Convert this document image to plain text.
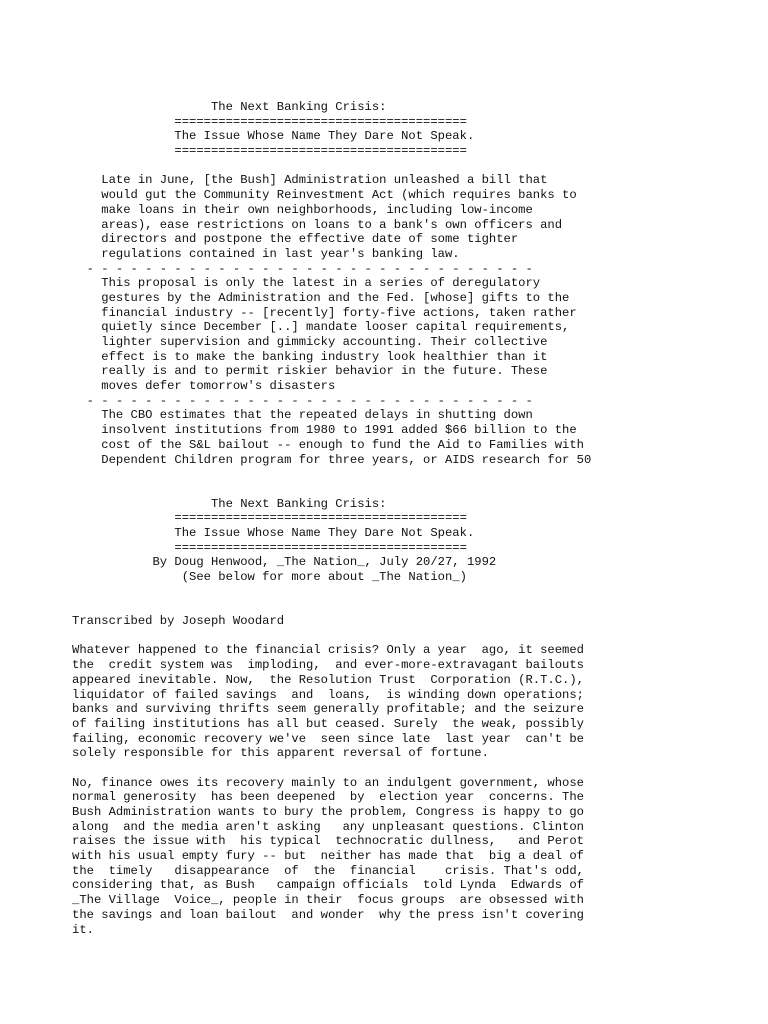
The Next Banking Crisis:
========================================
The Issue Whose Name They Dare Not Speak.
========================================

Late in June, [the Bush] Administration unleashed a bill that
would gut the Community Reinvestment Act (which requires banks to
make loans in their own neighborhoods, including low-income
areas), ease restrictions on loans to a bank's own officers and
directors and postpone the effective date of some tighter
regulations contained in last year's banking law.
- - - - - - - - - - - - - - - - - - - - - - - - - - - - - - -
This proposal is only the latest in a series of deregulatory
gestures by the Administration and the Fed. [whose] gifts to the
financial industry -- [recently] forty-five actions, taken rather
quietly since December [..] mandate looser capital requirements,
lighter supervision and gimmicky accounting. Their collective
effect is to make the banking industry look healthier than it
really is and to permit riskier behavior in the future. These
moves defer tomorrow's disasters
- - - - - - - - - - - - - - - - - - - - - - - - - - - - - - -
The CBO estimates that the repeated delays in shutting down
insolvent institutions from 1980 to 1991 added $66 billion to the
cost of the S&L bailout -- enough to fund the Aid to Families with
Dependent Children program for three years, or AIDS research for 50

The Next Banking Crisis:
========================================
The Issue Whose Name They Dare Not Speak.
========================================
By Doug Henwood, _The Nation_, July 20/27, 1992
(See below for more about _The Nation_)

Transcribed by Joseph Woodard

Whatever happened to the financial crisis? Only a year  ago, it seemed
the  credit system was  imploding,  and ever-more-extravagant bailouts
appeared inevitable. Now,  the Resolution Trust  Corporation (R.T.C.),
liquidator of failed savings  and  loans,  is winding down operations;
banks and surviving thrifts seem generally profitable; and the seizure
of failing institutions has all but ceased. Surely  the weak, possibly
failing, economic recovery we've  seen since late  last year  can't be
solely responsible for this apparent reversal of fortune.

No, finance owes its recovery mainly to an indulgent government, whose
normal generosity  has been deepened  by  election year  concerns. The
Bush Administration wants to bury the problem, Congress is happy to go
along  and the media aren't asking   any unpleasant questions. Clinton
raises the issue with  his typical  technocratic dullness,   and Perot
with his usual empty fury -- but  neither has made that  big a deal of
the  timely   disappearance  of  the  financial    crisis. That's odd,
considering that, as Bush   campaign officials  told Lynda  Edwards of
_The Village  Voice_, people in their  focus groups  are obsessed with
the savings and loan bailout  and wonder  why the press isn't covering
it.
